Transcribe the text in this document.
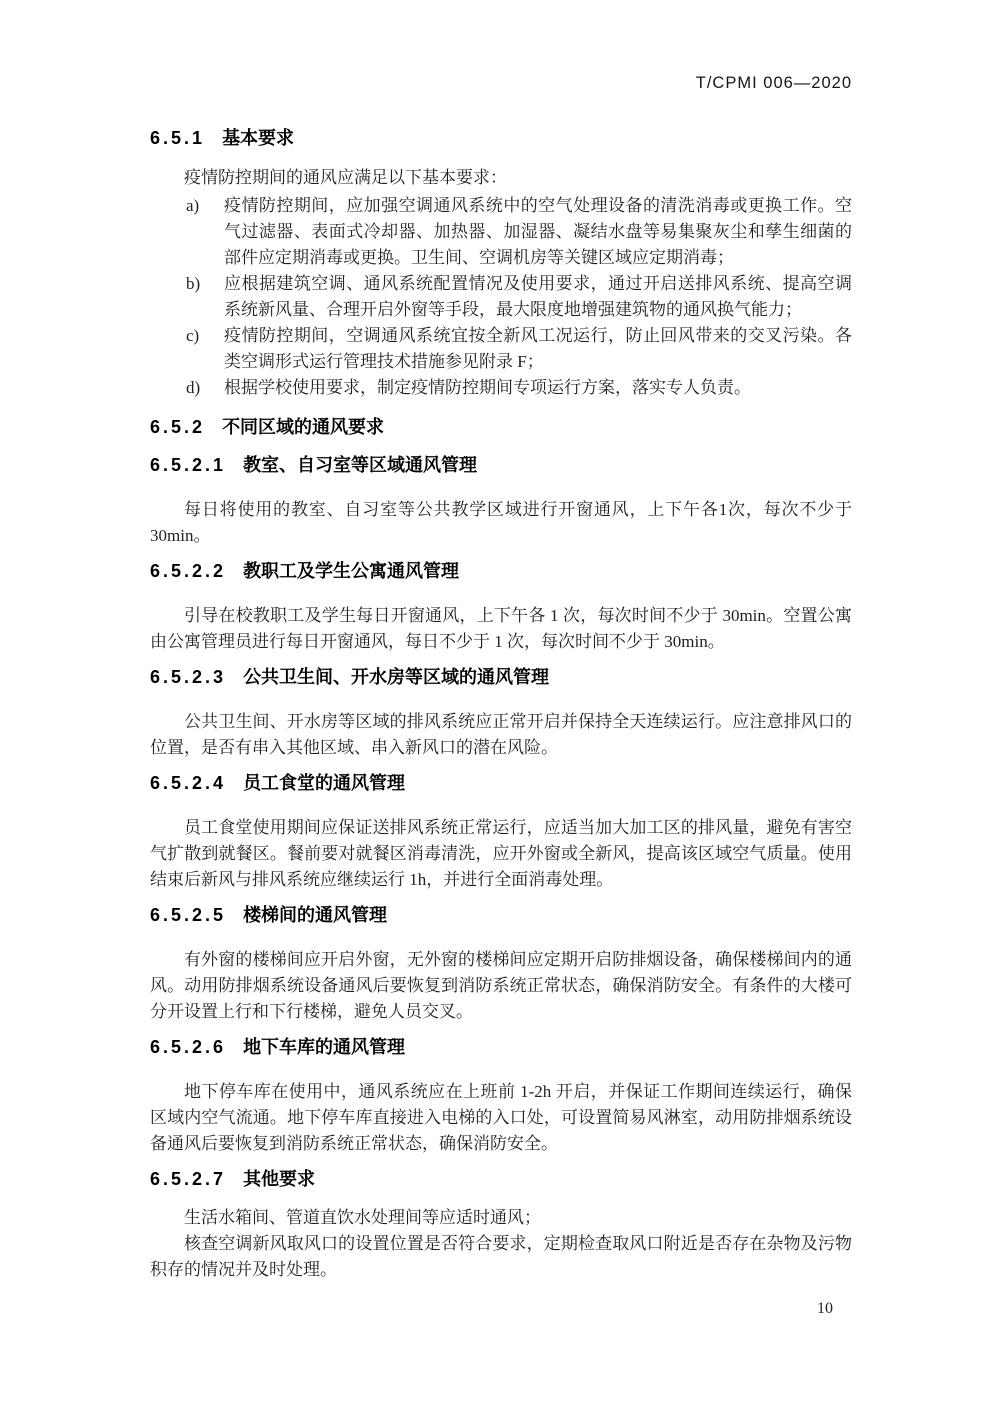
T/CPMI 006—2020
6.5.1 基本要求

疫情防控期间的通风应满足以下基本要求：

a)	疫情防控期间，应加强空调通风系统中的空气处理设备的清洗消毒或更换工作。空气过滤器、表面式冷却器、加热器、加湿器、凝结水盘等易集聚灰尘和孳生细菌的部件应定期消毒或更换。卫生间、空调机房等关键区域应定期消毒；
b)	应根据建筑空调、通风系统配置情况及使用要求，通过开启送排风系统、提高空调系统新风量、合理开启外窗等手段，最大限度地增强建筑物的通风换气能力；
c)	疫情防控期间，空调通风系统宜按全新风工况运行，防止回风带来的交叉污染。各类空调形式运行管理技术措施参见附录 F；
d)	根据学校使用要求，制定疫情防控期间专项运行方案，落实专人负责。
6.5.2 不同区域的通风要求
6.5.2.1 教室、自习室等区域通风管理

每日将使用的教室、自习室等公共教学区域进行开窗通风，上下午各1次，每次不少于30min。

6.5.2.2 教职工及学生公寓通风管理

引导在校教职工及学生每日开窗通风，上下午各 1 次，每次时间不少于 30min。空置公寓由公寓管理员进行每日开窗通风，每日不少于 1 次，每次时间不少于 30min。

6.5.2.3 公共卫生间、开水房等区域的通风管理

公共卫生间、开水房等区域的排风系统应正常开启并保持全天连续运行。应注意排风口的位置，是否有串入其他区域、串入新风口的潜在风险。

6.5.2.4 员工食堂的通风管理

员工食堂使用期间应保证送排风系统正常运行，应适当加大加工区的排风量，避免有害空气扩散到就餐区。餐前要对就餐区消毒清洗，应开外窗或全新风，提高该区域空气质量。使用结束后新风与排风系统应继续运行 1h，并进行全面消毒处理。

6.5.2.5 楼梯间的通风管理

有外窗的楼梯间应开启外窗，无外窗的楼梯间应定期开启防排烟设备，确保楼梯间内的通风。动用防排烟系统设备通风后要恢复到消防系统正常状态，确保消防安全。有条件的大楼可分开设置上行和下行楼梯，避免人员交叉。

6.5.2.6 地下车库的通风管理

地下停车库在使用中，通风系统应在上班前 1-2h 开启，并保证工作期间连续运行，确保区域内空气流通。地下停车库直接进入电梯的入口处，可设置简易风淋室，动用防排烟系统设备通风后要恢复到消防系统正常状态，确保消防安全。

6.5.2.7 其他要求

生活水箱间、管道直饮水处理间等应适时通风；

核查空调新风取风口的设置位置是否符合要求，定期检查取风口附近是否存在杂物及污物积存的情况并及时处理。

10
